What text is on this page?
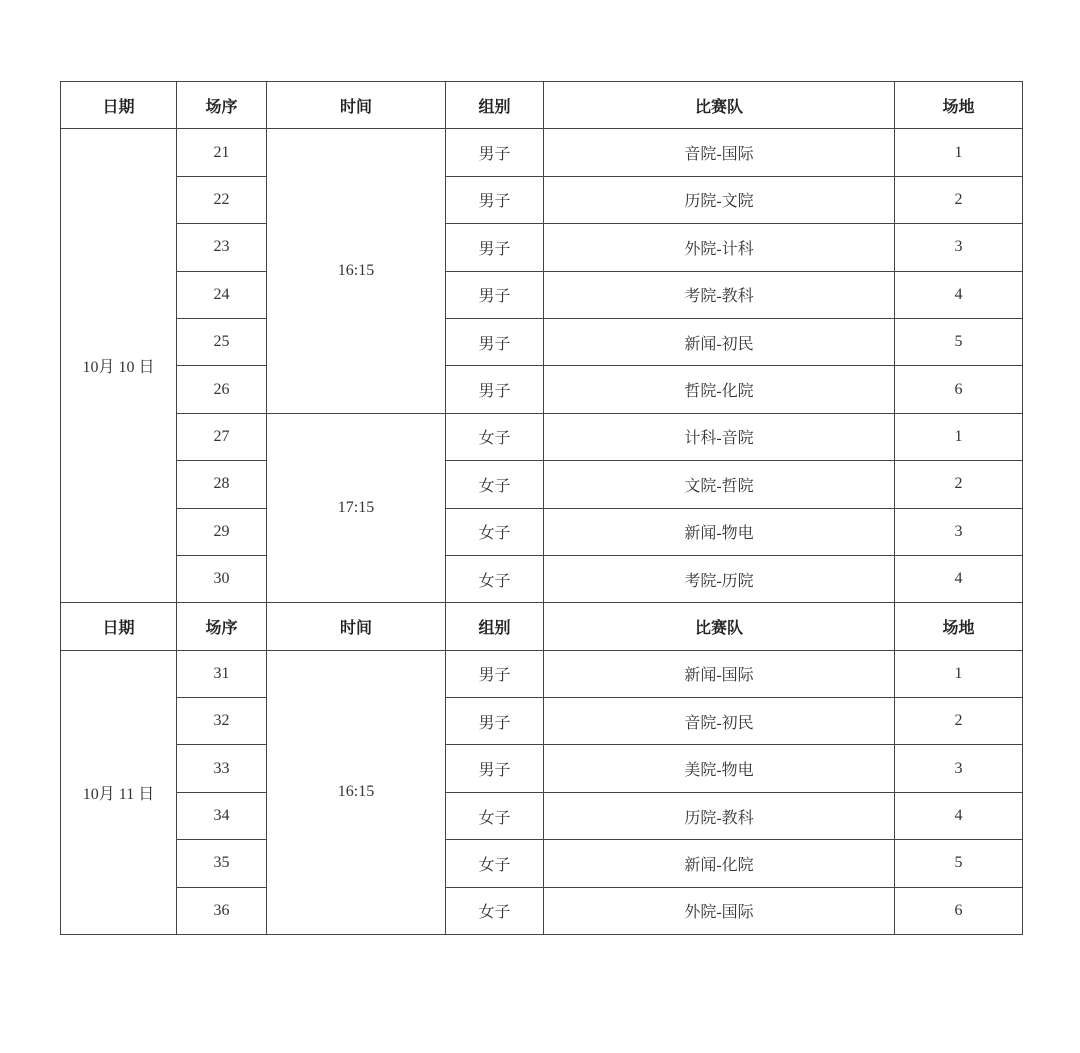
日期	场序	时间	组别	比赛队	场地
10月 10 日	21	16:15	男子	音院-国际	1
	22		男子	历院-文院	2
	23		男子	外院-计科	3
	24		男子	考院-教科	4
	25		男子	新闻-初民	5
	26		男子	哲院-化院	6
	27	17:15	女子	计科-音院	1
	28		女子	文院-哲院	2
	29		女子	新闻-物电	3
	30		女子	考院-历院	4
日期	场序	时间	组别	比赛队	场地
10月 11 日	31	16:15	男子	新闻-国际	1
	32		男子	音院-初民	2
	33		男子	美院-物电	3
	34		女子	历院-教科	4
	35		女子	新闻-化院	5
	36		女子	外院-国际	6
